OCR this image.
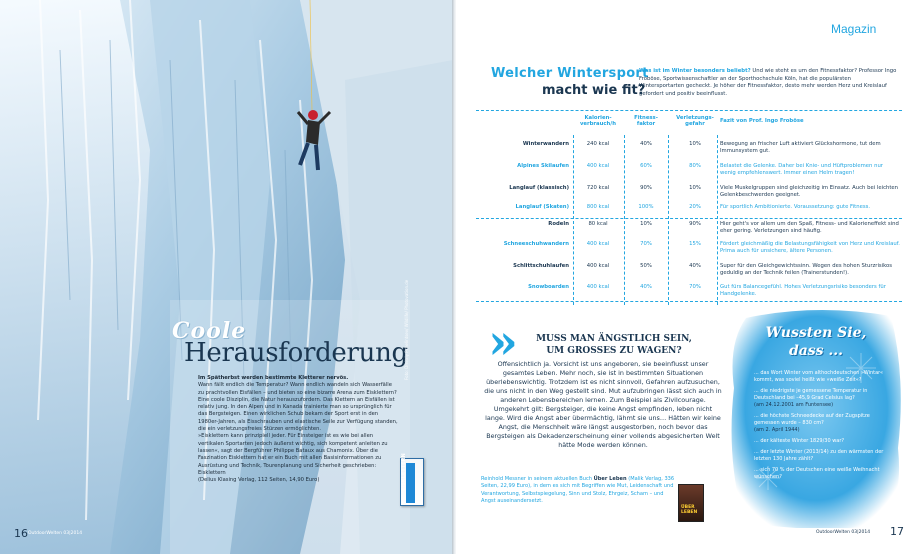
Coole
Herausforderung

Im Spätherbst werden bestimmte Kletterer nervös.

Wann fällt endlich die Temperatur? Wann endlich wandeln sich Wasserfälle zu prachtvollen Eisfällen – und bieten so eine bizarre Arena zum Eisklettern?

Eine coole Disziplin, die Natur herauszufordern. Das Klettern an Eisfällen ist relativ jung. In den Alpen und in Kanada trainierte man so ursprünglich für das Bergsteigen. Einen wirklichen Schub bekam der Sport erst in den 1980er-Jahren, als Eisschrauben und elastische Seile zur Verfügung standen, die ein verletzungsfreies Stürzen ermöglichten.

»Eisklettern kann prinzipiell jeder. Für Einsteiger ist es wie bei allen vertikalen Sportarten jedoch äußerst wichtig, sich kompetent anleiten zu lassen«, sagt der Bergführer Philippe Bataux aus Chamonix. Über die Faszination Eisklettern hat er ein Buch mit allen Basisinformationen zu Ausrüstung und Technik, Tourenplanung und Sicherheit geschrieben: Eisklettern

(Delius Klasing Verlag, 112 Seiten, 14,90 Euro)

Foto: Dmitriy Pchelintsev/ Wildlife/ Photovation.de
EISKLETTERN
16 OutdoorWelten 03|2014
Magazin
Welcher Wintersport
macht wie fit?
Was ist im Winter besonders beliebt? Und wie steht es um den Fitnessfaktor? Professor Ingo Froböse, Sportwissenschaftler an der Sporthochschule Köln, hat die populärsten Wintersportarten gecheckt. Je höher der Fitnessfaktor, desto mehr werden Herz und Kreislauf gefordert und positiv beeinflusst.
Kalorien-
verbrauch/h
Fitness-
faktor
Verletzungs-
gefahr
Fazit von Prof. Ingo Froböse
Winterwandern	240 kcal	40%	10%	Bewegung an frischer Luft aktiviert Glückshormone, tut dem Immunsystem gut.
Alpines Skilaufen	400 kcal	60%	80%	Belastet die Gelenke. Daher bei Knie- und Hüftproblemen nur wenig empfehlenswert. Immer einen Helm tragen!
Langlauf (klassisch)	720 kcal	90%	10%	Viele Muskelgruppen sind gleichzeitig im Einsatz. Auch bei leichten Gelenkbeschwerden geeignet.
Langlauf (Skaten)	800 kcal	100%	20%	Für sportlich Ambitionierte. Voraussetzung: gute Fitness.
Rodeln	80 kcal	10%	90%	Hier geht's vor allem um den Spaß, Fitness- und Kalorieneffekt sind eher gering. Verletzungen sind häufig.
Schneeschuhwandern	400 kcal	70%	15%	Fördert gleichmäßig die Belastungsfähigkeit von Herz und Kreislauf. Prima auch für unsichere, ältere Personen.
Schlittschuhlaufen	400 kcal	50%	40%	Super für den Gleichgewichtssinn. Wegen des hohen Sturzrisikos geduldig an der Technik feilen (Trainerstunden!).
Snowboarden	400 kcal	40%	70%	Gut fürs Balancegefühl. Hohes Verletzungsrisiko besonders für Handgelenke.
» MUSS MAN ÄNGSTLICH SEIN,
UM GROSSES ZU WAGEN?
Offensichtlich ja. Vorsicht ist uns angeboren, sie beeinflusst unser gesamtes Leben. Mehr noch, sie ist in bestimmten Situationen überlebenswichtig. Trotzdem ist es nicht sinnvoll, Gefahren aufzusuchen, die uns nicht in den Weg gestellt sind. Mut aufzubringen lässt sich auch in anderen Lebensbereichen lernen. Zum Beispiel als Zivilcourage. Umgekehrt gilt: Bergsteiger, die keine Angst empfinden, leben nicht lange. Wird die Angst aber übermächtig, lähmt sie uns… Hätten wir keine Angst, die Menschheit wäre längst ausgestorben, noch bevor das Bergsteigen als Dekadenzerscheinung einer vollends abgesicherten Welt hätte Mode werden können.
Reinhold Messner in seinem aktuellen Buch Über Leben (Malik Verlag, 336 Seiten, 22,99 Euro), in dem es sich mit Begriffen wie Mut, Leidenschaft und Verantwortung, Selbstspiegelung, Sinn und Stolz, Ehrgeiz, Scham – und Angst auseinandersetzt.
ÜBER LEBEN
Wussten Sie,
dass ...
... das Wort Winter vom althochdeutschen »Wintar« kommt, was soviel heißt wie »weiße Zeit«?
... die niedrigste je gemessene Temperatur in Deutschland bei –45,9 Grad Celsius lag?
(am 24.12.2001 am Funtensee)
... die höchste Schneedecke auf der Zugspitze gemessen wurde – 830 cm?
(am 2. April 1944)
... der kälteste Winter 1829/30 war?
... der letzte Winter (2013/14) zu den wärmsten der letzten 130 Jahre zählt?
... sich 70 % der Deutschen eine weiße Weihnacht wünschen?
OutdoorWelten 03|2014 17
